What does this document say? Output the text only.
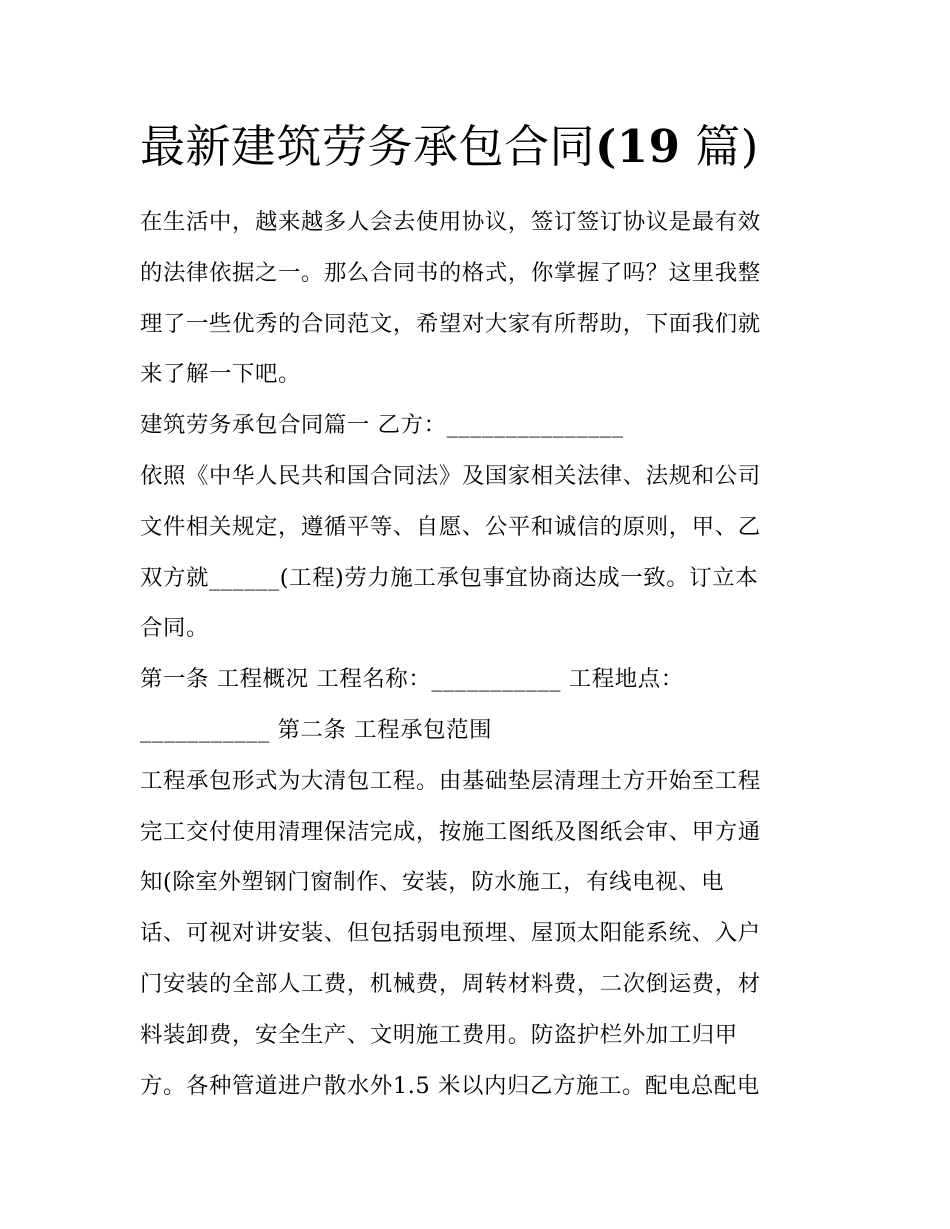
最新建筑劳务承包合同(19 篇)
在生活中，越来越多人会去使用协议，签订签订协议是最有效
的法律依据之一。那么合同书的格式，你掌握了吗？这里我整
理了一些优秀的合同范文，希望对大家有所帮助，下面我们就
来了解一下吧。
建筑劳务承包合同篇一 乙方：_______________
依照《中华人民共和国合同法》及国家相关法律、法规和公司
文件相关规定，遵循平等、自愿、公平和诚信的原则，甲、乙
双方就______(工程)劳力施工承包事宜协商达成一致。订立本
合同。
第一条 工程概况 工程名称：___________ 工程地点：
___________ 第二条 工程承包范围
工程承包形式为大清包工程。由基础垫层清理土方开始至工程
完工交付使用清理保洁完成，按施工图纸及图纸会审、甲方通
知(除室外塑钢门窗制作、安装，防水施工，有线电视、电
话、可视对讲安装、但包括弱电预埋、屋顶太阳能系统、入户
门安装的全部人工费，机械费，周转材料费，二次倒运费，材
料装卸费，安全生产、文明施工费用。防盗护栏外加工归甲
方。各种管道进户散水外1.5 米以内归乙方施工。配电总配电
